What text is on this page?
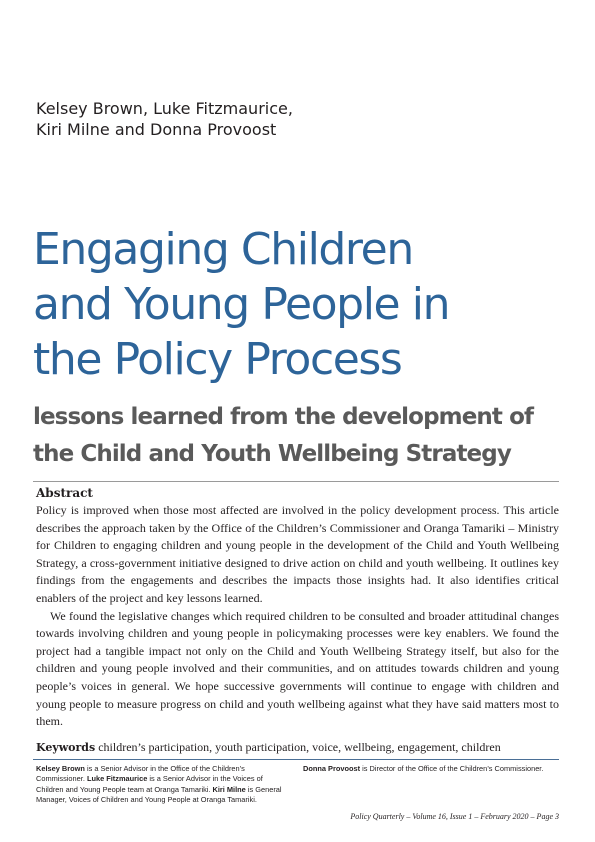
Kelsey Brown, Luke Fitzmaurice,
Kiri Milne and Donna Provoost
Engaging Children
and Young People in
the Policy Process
lessons learned from the development of
the Child and Youth Wellbeing Strategy
Abstract

Policy is improved when those most affected are involved in the policy development process. This article describes the approach taken by the Office of the Children’s Commissioner and Oranga Tamariki – Ministry for Children to engaging children and young people in the development of the Child and Youth Wellbeing Strategy, a cross-government initiative designed to drive action on child and youth wellbeing. It outlines key findings from the engagements and describes the impacts those insights had. It also identifies critical enablers of the project and key lessons learned.

We found the legislative changes which required children to be consulted and broader attitudinal changes towards involving children and young people in policymaking processes were key enablers. We found the project had a tangible impact not only on the Child and Youth Wellbeing Strategy itself, but also for the children and young people involved and their communities, and on attitudes towards children and young people’s voices in general. We hope successive governments will continue to engage with children and young people to measure progress on child and youth wellbeing against what they have said matters most to them.

Keywords children’s participation, youth participation, voice, wellbeing, engagement, children
Kelsey Brown is a Senior Advisor in the Office of the Children’s Commissioner. Luke Fitzmaurice is a Senior Advisor in the Voices of Children and Young People team at Oranga Tamariki. Kiri Milne is General Manager, Voices of Children and Young People at Oranga Tamariki.
Donna Provoost is Director of the Office of the Children’s Commissioner.
Policy Quarterly – Volume 16, Issue 1 – February 2020 – Page 3
